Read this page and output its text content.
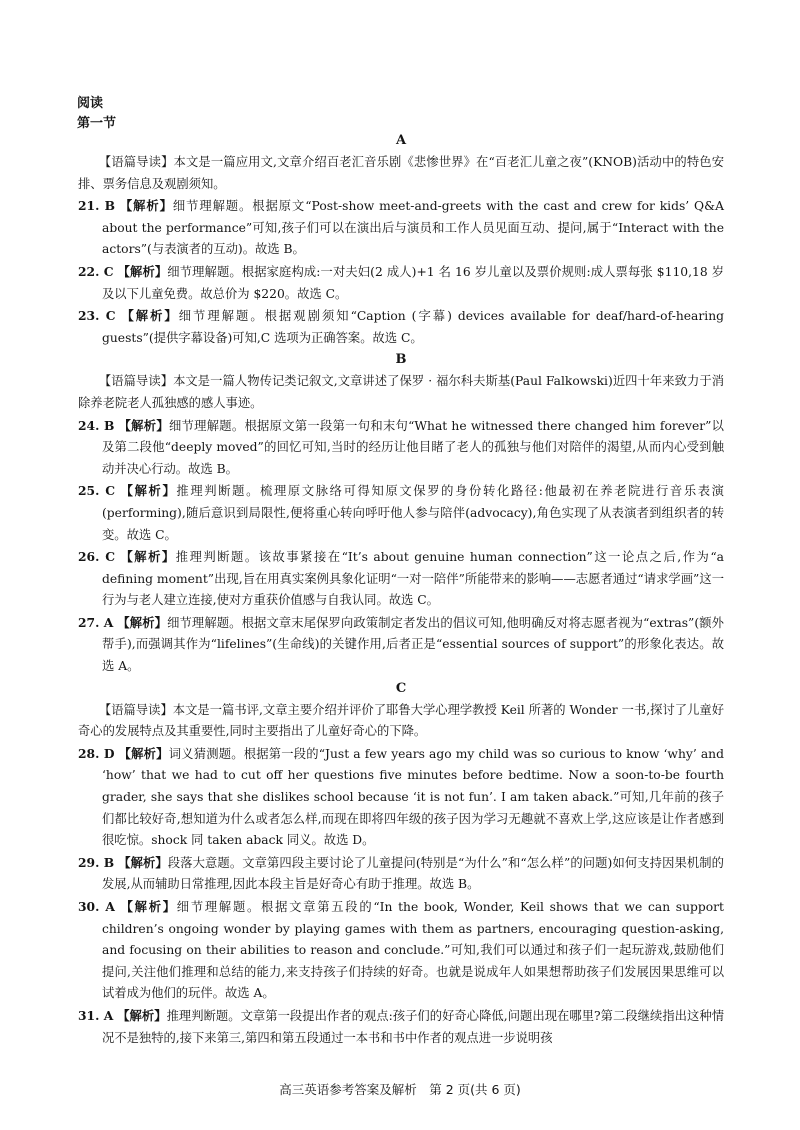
阅读
第一节
A

【语篇导读】本文是一篇应用文,文章介绍百老汇音乐剧《悲惨世界》在“百老汇儿童之夜”(KNOB)活动中的特色安排、票务信息及观剧须知。

21. B 【解析】细节理解题。根据原文“Post-show meet-and-greets with the cast and crew for kids’ Q&A about the performance”可知,孩子们可以在演出后与演员和工作人员见面互动、提问,属于“Interact with the actors”(与表演者的互动)。故选 B。

22. C 【解析】细节理解题。根据家庭构成:一对夫妇(2 成人)+1 名 16 岁儿童以及票价规则:成人票每张 $110,18 岁及以下儿童免费。故总价为 $220。故选 C。

23. C 【解析】细节理解题。根据观剧须知“Caption (字幕) devices available for deaf/hard-of-hearing guests”(提供字幕设备)可知,C 选项为正确答案。故选 C。

B

【语篇导读】本文是一篇人物传记类记叙文,文章讲述了保罗 · 福尔科夫斯基(Paul Falkowski)近四十年来致力于消除养老院老人孤独感的感人事迹。

24. B 【解析】细节理解题。根据原文第一段第一句和末句“What he witnessed there changed him forever”以及第二段他“deeply moved”的回忆可知,当时的经历让他目睹了老人的孤独与他们对陪伴的渴望,从而内心受到触动并决心行动。故选 B。

25. C 【解析】推理判断题。梳理原文脉络可得知原文保罗的身份转化路径:他最初在养老院进行音乐表演(performing),随后意识到局限性,便将重心转向呼吁他人参与陪伴(advocacy),角色实现了从表演者到组织者的转变。故选 C。

26. C 【解析】推理判断题。该故事紧接在“It’s about genuine human connection”这一论点之后,作为“a defining moment”出现,旨在用真实案例具象化证明“一对一陪伴”所能带来的影响——志愿者通过“请求学画”这一行为与老人建立连接,使对方重获价值感与自我认同。故选 C。

27. A 【解析】细节理解题。根据文章末尾保罗向政策制定者发出的倡议可知,他明确反对将志愿者视为“extras”(额外帮手),而强调其作为“lifelines”(生命线)的关键作用,后者正是“essential sources of support”的形象化表达。故选 A。

C

【语篇导读】本文是一篇书评,文章主要介绍并评价了耶鲁大学心理学教授 Keil 所著的 Wonder 一书,探讨了儿童好奇心的发展特点及其重要性,同时主要指出了儿童好奇心的下降。

28. D 【解析】词义猜测题。根据第一段的“Just a few years ago my child was so curious to know ‘why’ and ‘how’ that we had to cut off her questions five minutes before bedtime. Now a soon-to-be fourth grader, she says that she dislikes school because ‘it is not fun’. I am taken aback.”可知,几年前的孩子们都比较好奇,想知道为什么或者怎么样,而现在即将四年级的孩子因为学习无趣就不喜欢上学,这应该是让作者感到很吃惊。shock 同 taken aback 同义。故选 D。

29. B 【解析】段落大意题。文章第四段主要讨论了儿童提问(特别是“为什么”和“怎么样”的问题)如何支持因果机制的发展,从而辅助日常推理,因此本段主旨是好奇心有助于推理。故选 B。

30. A 【解析】细节理解题。根据文章第五段的“In the book, Wonder, Keil shows that we can support children’s ongoing wonder by playing games with them as partners, encouraging question-asking, and focusing on their abilities to reason and conclude.”可知,我们可以通过和孩子们一起玩游戏,鼓励他们提问,关注他们推理和总结的能力,来支持孩子们持续的好奇。也就是说成年人如果想帮助孩子们发展因果思维可以试着成为他们的玩伴。故选 A。

31. A 【解析】推理判断题。文章第一段提出作者的观点:孩子们的好奇心降低,问题出现在哪里?第二段继续指出这种情况不是独特的,接下来第三,第四和第五段通过一本书和书中作者的观点进一步说明孩

高三英语参考答案及解析　第 2 页(共 6 页)
